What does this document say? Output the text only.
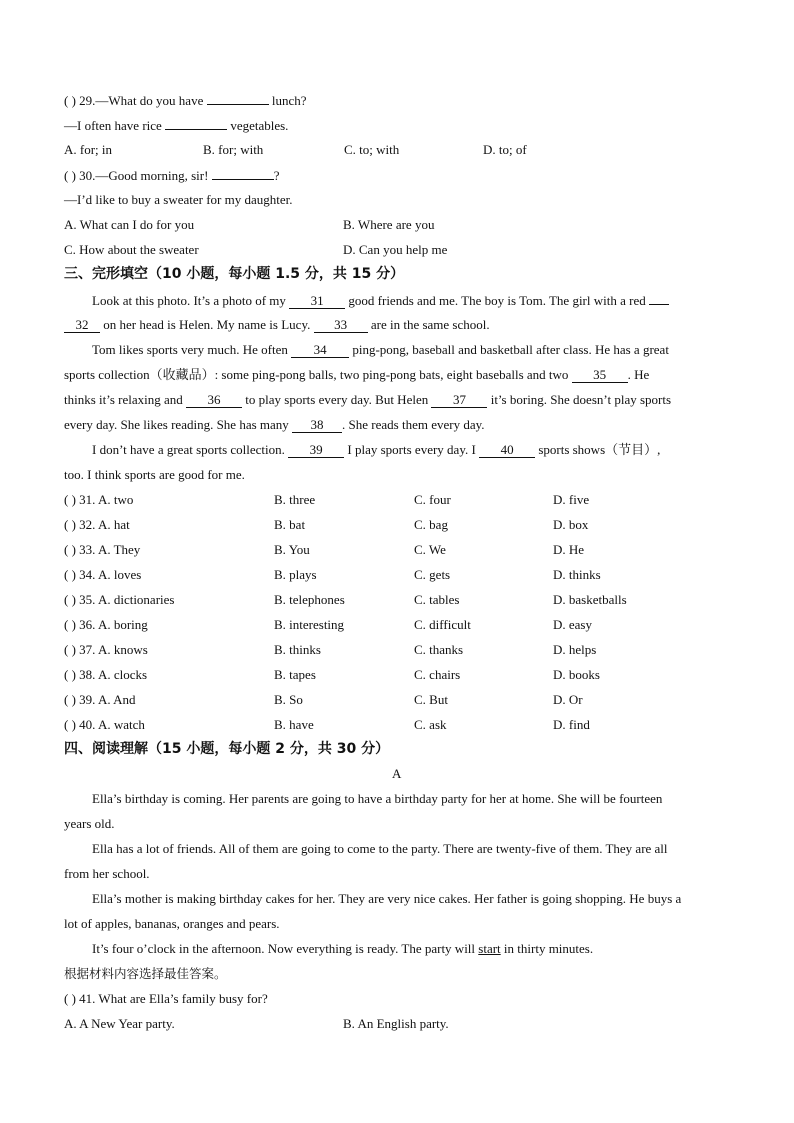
( ) 29.—What do you have	lunch?
—I often have rice	vegetables.
A. for; in	B. for; with	C. to; with	D. to; of
( ) 30.—Good morning, sir!	?
—I’d like to buy a sweater for my daughter.
A. What can I do for you	B. Where are you
C. How about the sweater	D. Can you help me
三、完形填空（10 小题，每小题 1.5 分，共 15 分）
Look at this photo. It’s a photo of my 31 good friends and me. The boy is Tom. The girl with a red
32 on her head is Helen. My name is Lucy. 33 are in the same school.
Tom likes sports very much. He often 34 ping-pong, baseball and basketball after class. He has a great
sports collection（收藏品）: some ping-pong balls, two ping-pong bats, eight baseballs and two 35 . He
thinks it’s relaxing and 36 to play sports every day. But Helen 37 it’s boring. She doesn’t play sports
every day. She likes reading. She has many 38 . She reads them every day.
I don’t have a great sports collection. 39 I play sports every day. I 40 sports shows（节目）,
too. I think sports are good for me.
( ) 31. A. two	B. three	C. four	D. five
( ) 32. A. hat	B. bat	C. bag	D. box
( ) 33. A. They	B. You	C. We	D. He
( ) 34. A. loves	B. plays	C. gets	D. thinks
( ) 35. A. dictionaries	B. telephones	C. tables	D. basketballs
( ) 36. A. boring	B. interesting	C. difficult	D. easy
( ) 37. A. knows	B. thinks	C. thanks	D. helps
( ) 38. A. clocks	B. tapes	C. chairs	D. books
( ) 39. A. And	B. So	C. But	D. Or
( ) 40. A. watch	B. have	C. ask	D. find
四、阅读理解（15 小题，每小题 2 分，共 30 分）
A
Ella’s birthday is coming. Her parents are going to have a birthday party for her at home. She will be fourteen
years old.
Ella has a lot of friends. All of them are going to come to the party. There are twenty-five of them. They are all
from her school.
Ella’s mother is making birthday cakes for her. They are very nice cakes. Her father is going shopping. He buys a
lot of apples, bananas, oranges and pears.
It’s four o’clock in the afternoon. Now everything is ready. The party will start in thirty minutes.
根据材料内容选择最佳答案。
( ) 41. What are Ella’s family busy for?
A. A New Year party.	B. An English party.
